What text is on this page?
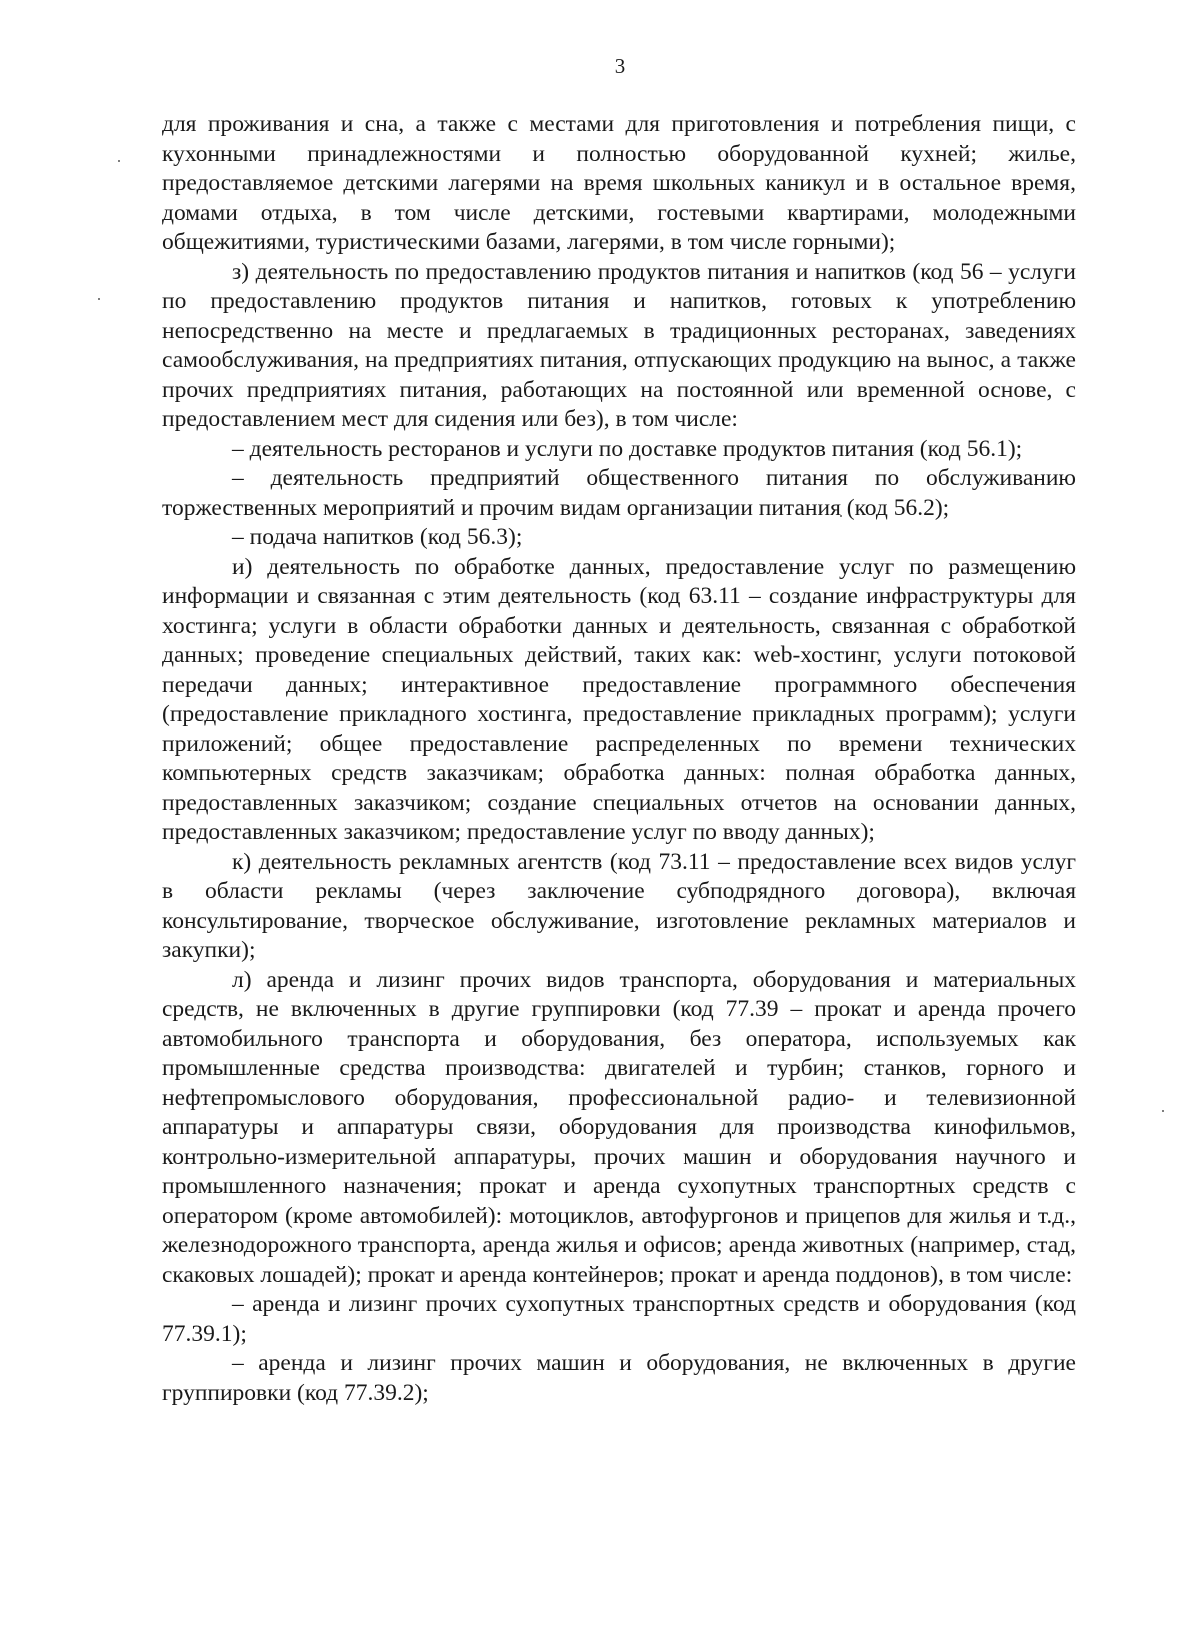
3

для проживания и сна, а также с местами для приготовления и потребления пищи, с кухонными принадлежностями и полностью оборудованной кухней; жилье, предоставляемое детскими лагерями на время школьных каникул и в остальное время, домами отдыха, в том числе детскими, гостевыми квартирами, молодежными общежитиями, туристическими базами, лагерями, в том числе горными);

з) деятельность по предоставлению продуктов питания и напитков (код 56 – услуги по предоставлению продуктов питания и напитков, готовых к употреблению непосредственно на месте и предлагаемых в традиционных ресторанах, заведениях самообслуживания, на предприятиях питания, отпускающих продукцию на вынос, а также прочих предприятиях питания, работающих на постоянной или временной основе, с предоставлением мест для сидения или без), в том числе:

– деятельность ресторанов и услуги по доставке продуктов питания (код 56.1);

– деятельность предприятий общественного питания по обслуживанию торжественных мероприятий и прочим видам организации питания (код 56.2);

– подача напитков (код 56.3);

и) деятельность по обработке данных, предоставление услуг по размещению информации и связанная с этим деятельность (код 63.11 – создание инфраструктуры для хостинга; услуги в области обработки данных и деятельность, связанная с обработкой данных; проведение специальных действий, таких как: web-хостинг, услуги потоковой передачи данных; интерактивное предоставление программного обеспечения (предоставление прикладного хостинга, предоставление прикладных программ); услуги приложений; общее предоставление распределенных по времени технических компьютерных средств заказчикам; обработка данных: полная обработка данных, предоставленных заказчиком; создание специальных отчетов на основании данных, предоставленных заказчиком; предоставление услуг по вводу данных);

к) деятельность рекламных агентств (код 73.11 – предоставление всех видов услуг в области рекламы (через заключение субподрядного договора), включая консультирование, творческое обслуживание, изготовление рекламных материалов и закупки);

л) аренда и лизинг прочих видов транспорта, оборудования и материальных средств, не включенных в другие группировки (код 77.39 – прокат и аренда прочего автомобильного транспорта и оборудования, без оператора, используемых как промышленные средства производства: двигателей и турбин; станков, горного и нефтепромыслового оборудования, профессиональной радио- и телевизионной аппаратуры и аппаратуры связи, оборудования для производства кинофильмов, контрольно-измерительной аппаратуры, прочих машин и оборудования научного и промышленного назначения; прокат и аренда сухопутных транспортных средств с оператором (кроме автомобилей): мотоциклов, автофургонов и прицепов для жилья и т.д., железнодорожного транспорта, аренда жилья и офисов; аренда животных (например, стад, скаковых лошадей); прокат и аренда контейнеров; прокат и аренда поддонов), в том числе:

– аренда и лизинг прочих сухопутных транспортных средств и оборудования (код 77.39.1);

– аренда и лизинг прочих машин и оборудования, не включенных в другие группировки (код 77.39.2);
